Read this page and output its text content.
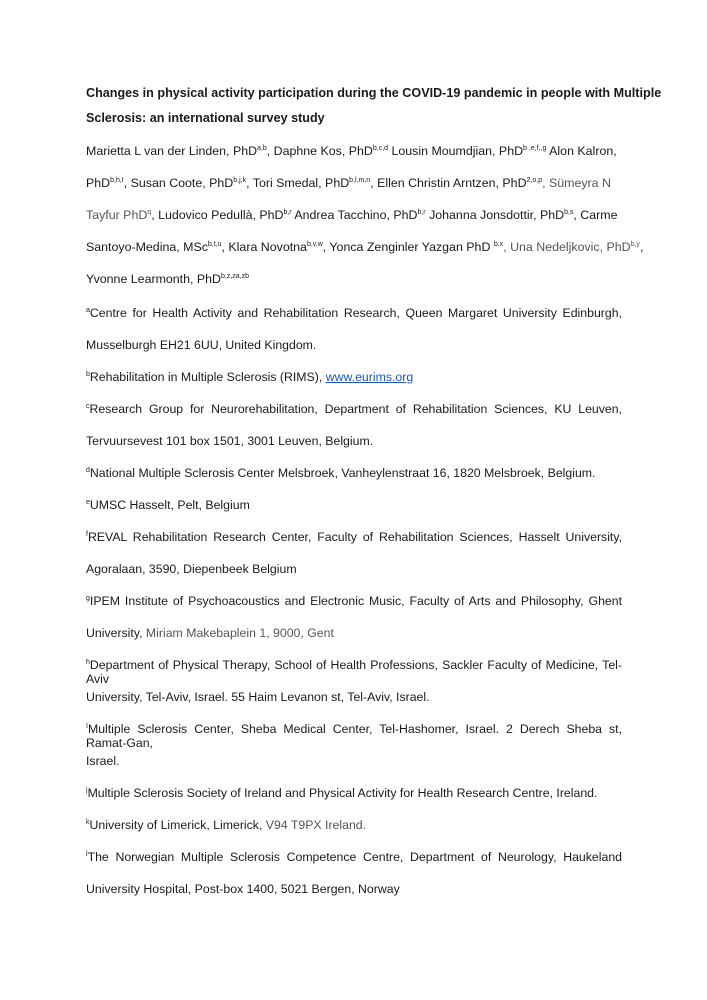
Changes in physical activity participation during the COVID-19 pandemic in people with Multiple
Sclerosis: an international survey study
Marietta L van der Linden, PhD$^{a,b}$, Daphne Kos, PhD$^{b,c,d}$ Lousin Moumdjian, PhD$^{b ,e,f,,g}$ Alon Kalron,
PhD$^{b,h,I}$, Susan Coote, PhD$^{b,j,k}$, Tori Smedal, PhD$^{b,l,m,n}$, Ellen Christin Arntzen, PhD$^{2,o,p}$, Sümeyra N
Tayfur PhD$^q$, Ludovico Pedullà, PhD$^{b,r}$ Andrea Tacchino, PhD$^{b,r}$ Johanna Jonsdottir, PhD$^{b,s}$, Carme
Santoyo-Medina, MSc$^{b,t,u}$, Klara Novotna$^{b,v,w}$, Yonca Zenginler Yazgan PhD $^{b,x}$, Una Nedeljkovic, PhD$^{b,y}$,
Yvonne Learmonth, PhD$^{b,z,za,zb}$
$^a$Centre for Health Activity and Rehabilitation Research, Queen Margaret University Edinburgh,
Musselburgh EH21 6UU, United Kingdom.
$^b$Rehabilitation in Multiple Sclerosis (RIMS), www.eurims.org
$^c$Research Group for Neurorehabilitation, Department of Rehabilitation Sciences, KU Leuven,
Tervuursevest 101 box 1501, 3001 Leuven, Belgium.
$^d$National Multiple Sclerosis Center Melsbroek, Vanheylenstraat 16, 1820 Melsbroek, Belgium.
$^e$UMSC Hasselt, Pelt, Belgium
$^f$REVAL Rehabilitation Research Center, Faculty of Rehabilitation Sciences, Hasselt University,
Agoralaan, 3590, Diepenbeek Belgium
$^g$IPEM Institute of Psychoacoustics and Electronic Music, Faculty of Arts and Philosophy, Ghent
University, Miriam Makebaplein 1, 9000, Gent
$^h$Department of Physical Therapy, School of Health Professions, Sackler Faculty of Medicine, Tel-Aviv
University, Tel-Aviv, Israel. 55 Haim Levanon st, Tel-Aviv, Israel.
$^I$Multiple Sclerosis Center, Sheba Medical Center, Tel-Hashomer, Israel. 2 Derech Sheba st, Ramat-Gan,
Israel.
$^j$Multiple Sclerosis Society of Ireland and Physical Activity for Health Research Centre, Ireland.
$^k$University of Limerick, Limerick, V94 T9PX Ireland.
$^l$The Norwegian Multiple Sclerosis Competence Centre, Department of Neurology, Haukeland
University Hospital, Post-box 1400, 5021 Bergen, Norway
